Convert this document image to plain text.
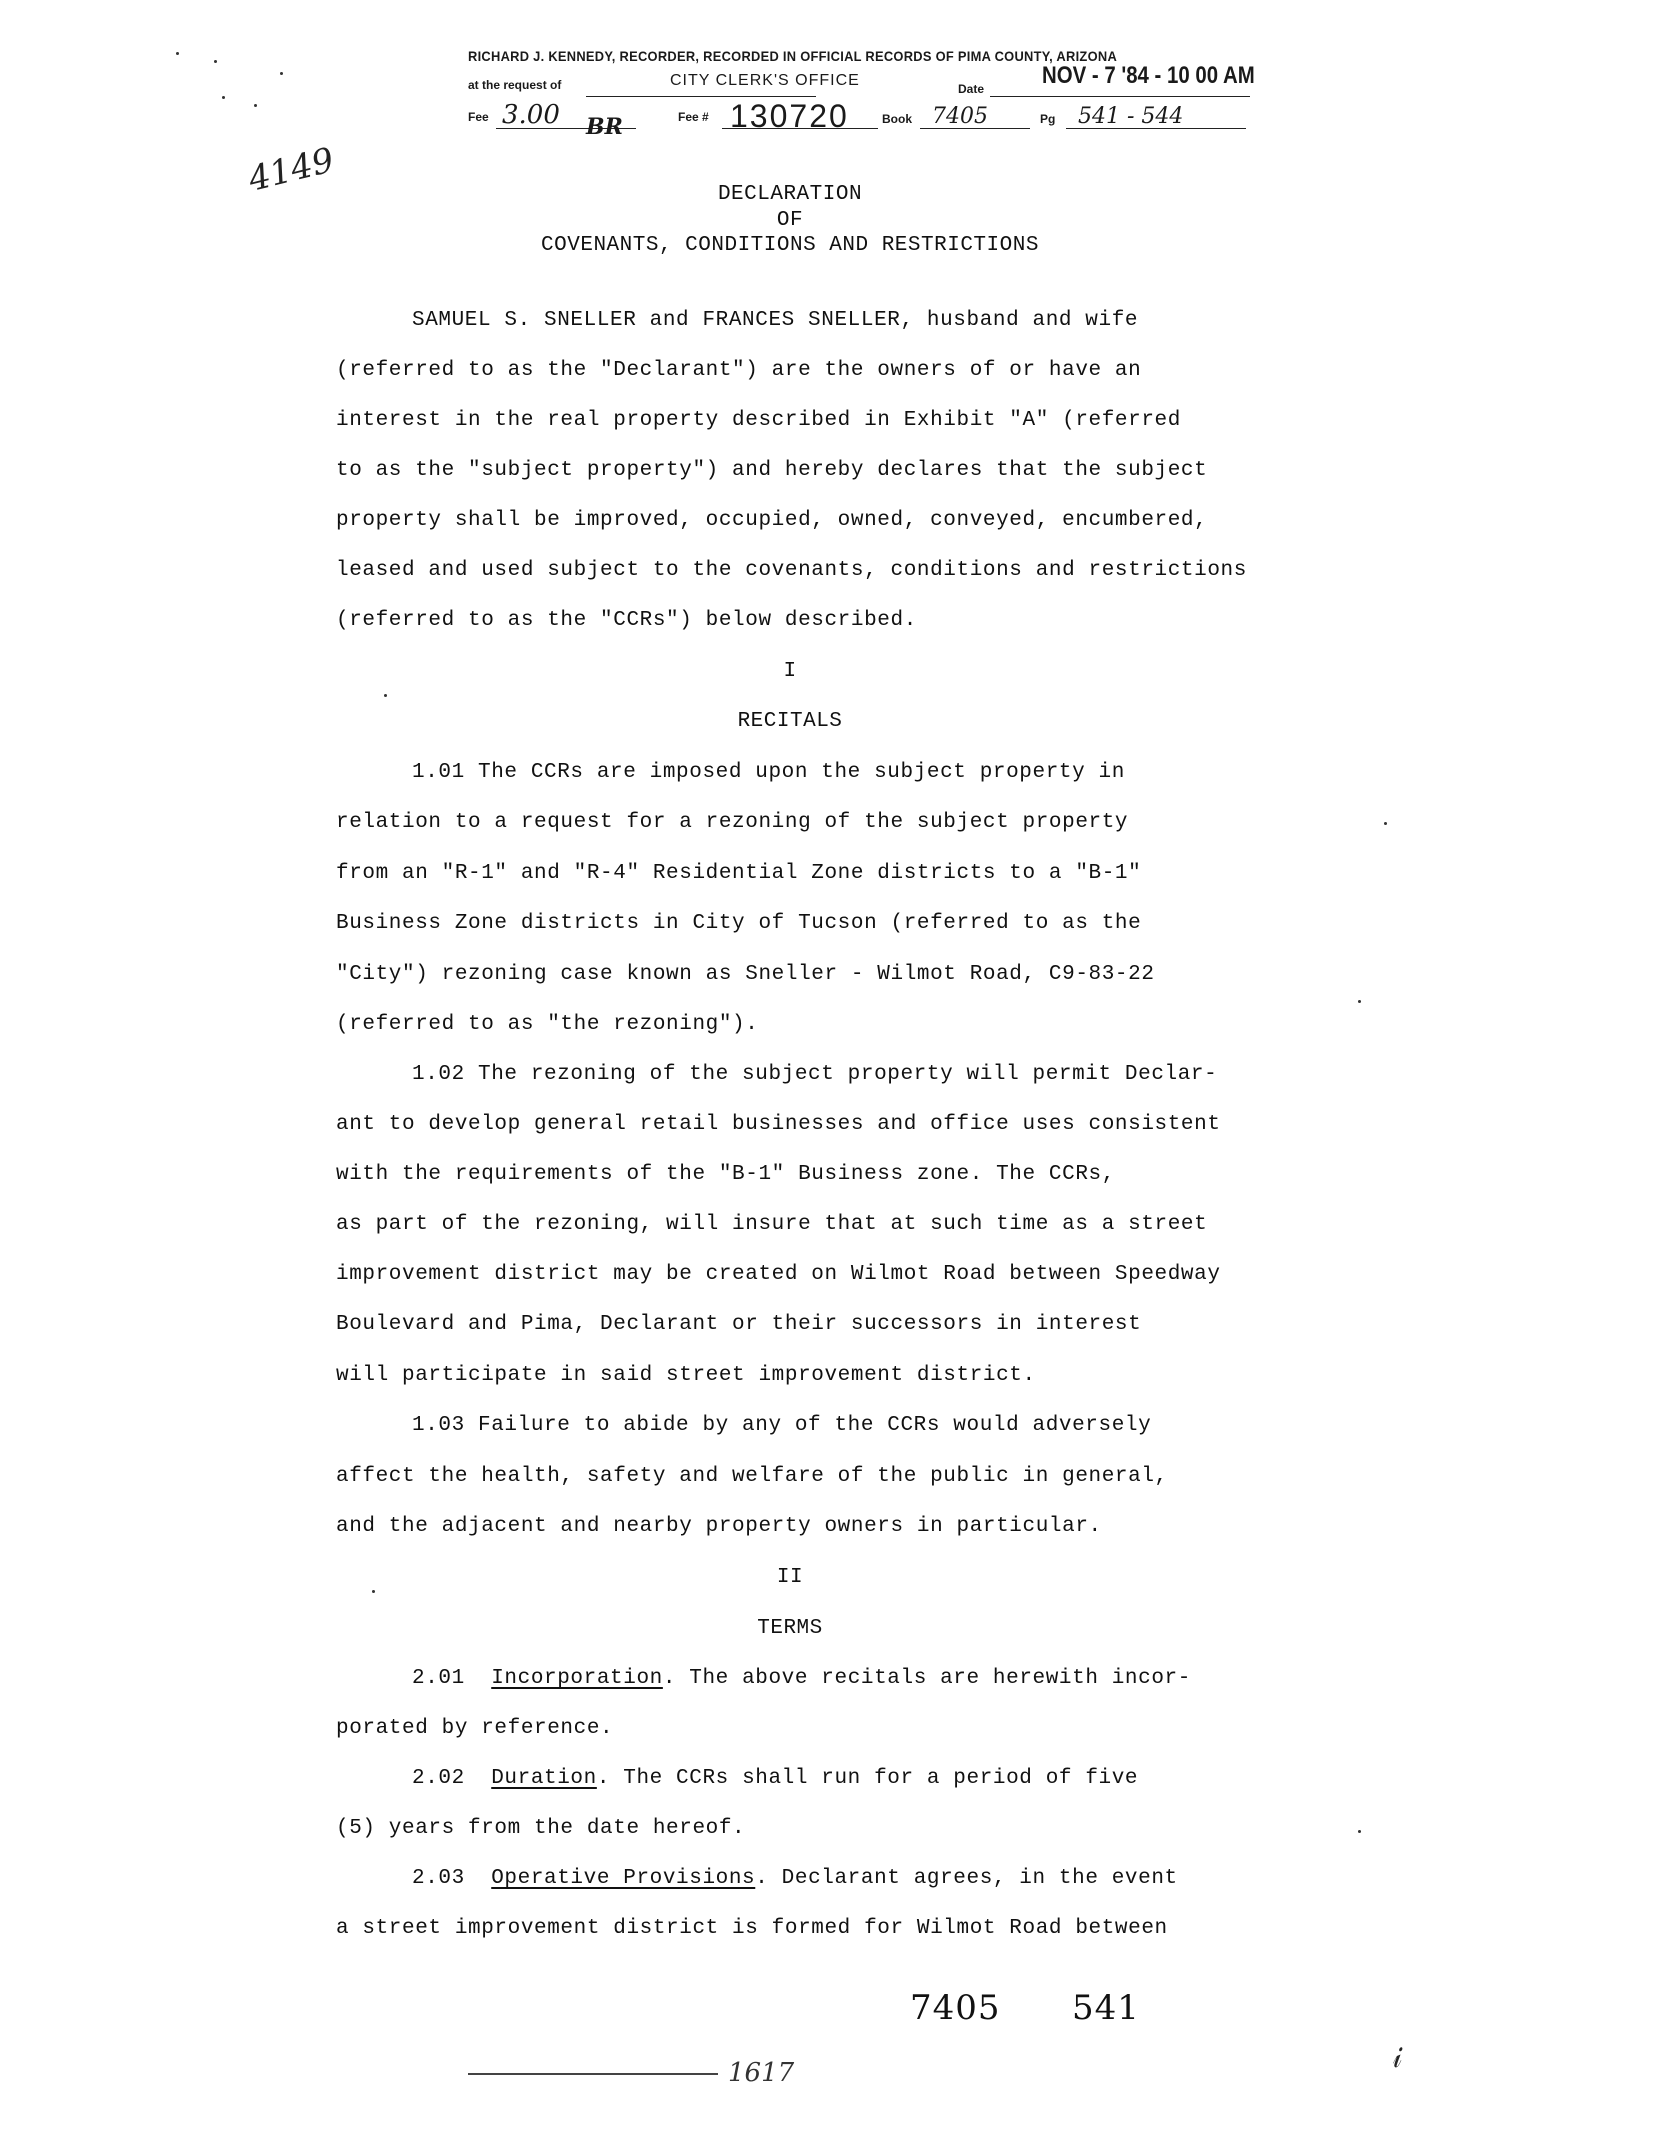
RICHARD J. KENNEDY, RECORDER, RECORDED IN OFFICIAL RECORDS OF PIMA COUNTY, ARIZONA
at the request of	CITY CLERK'S OFFICE	Date NOV - 7 '84 - 10 00 AM
Fee 3.00 BR	Fee # 130720	Book 7405	Pg 541 - 544
4149	DECLARATION
OF
COVENANTS, CONDITIONS AND RESTRICTIONS
SAMUEL S. SNELLER and FRANCES SNELLER, husband and wife
(referred to as the "Declarant") are the owners of or have an
interest in the real property described in Exhibit "A" (referred
to as the "subject property") and hereby declares that the subject
property shall be improved, occupied, owned, conveyed, encumbered,
leased and used subject to the covenants, conditions and restrictions
(referred to as the "CCRs") below described.
I
RECITALS
1.01 The CCRs are imposed upon the subject property in
relation to a request for a rezoning of the subject property
from an "R-1" and "R-4" Residential Zone districts to a "B-1"
Business Zone districts in City of Tucson (referred to as the
"City") rezoning case known as Sneller - Wilmot Road, C9-83-22
(referred to as "the rezoning").
1.02 The rezoning of the subject property will permit Declar-
ant to develop general retail businesses and office uses consistent
with the requirements of the "B-1" Business zone. The CCRs,
as part of the rezoning, will insure that at such time as a street
improvement district may be created on Wilmot Road between Speedway
Boulevard and Pima, Declarant or their successors in interest
will participate in said street improvement district.
1.03 Failure to abide by any of the CCRs would adversely
affect the health, safety and welfare of the public in general,
and the adjacent and nearby property owners in particular.
II
TERMS
2.01 Incorporation. The above recitals are herewith incor-
porated by reference.
2.02 Duration. The CCRs shall run for a period of five
(5) years from the date hereof.
2.03 Operative Provisions. Declarant agrees, in the event
a street improvement district is formed for Wilmot Road between
7405 541
1617	𝒾
